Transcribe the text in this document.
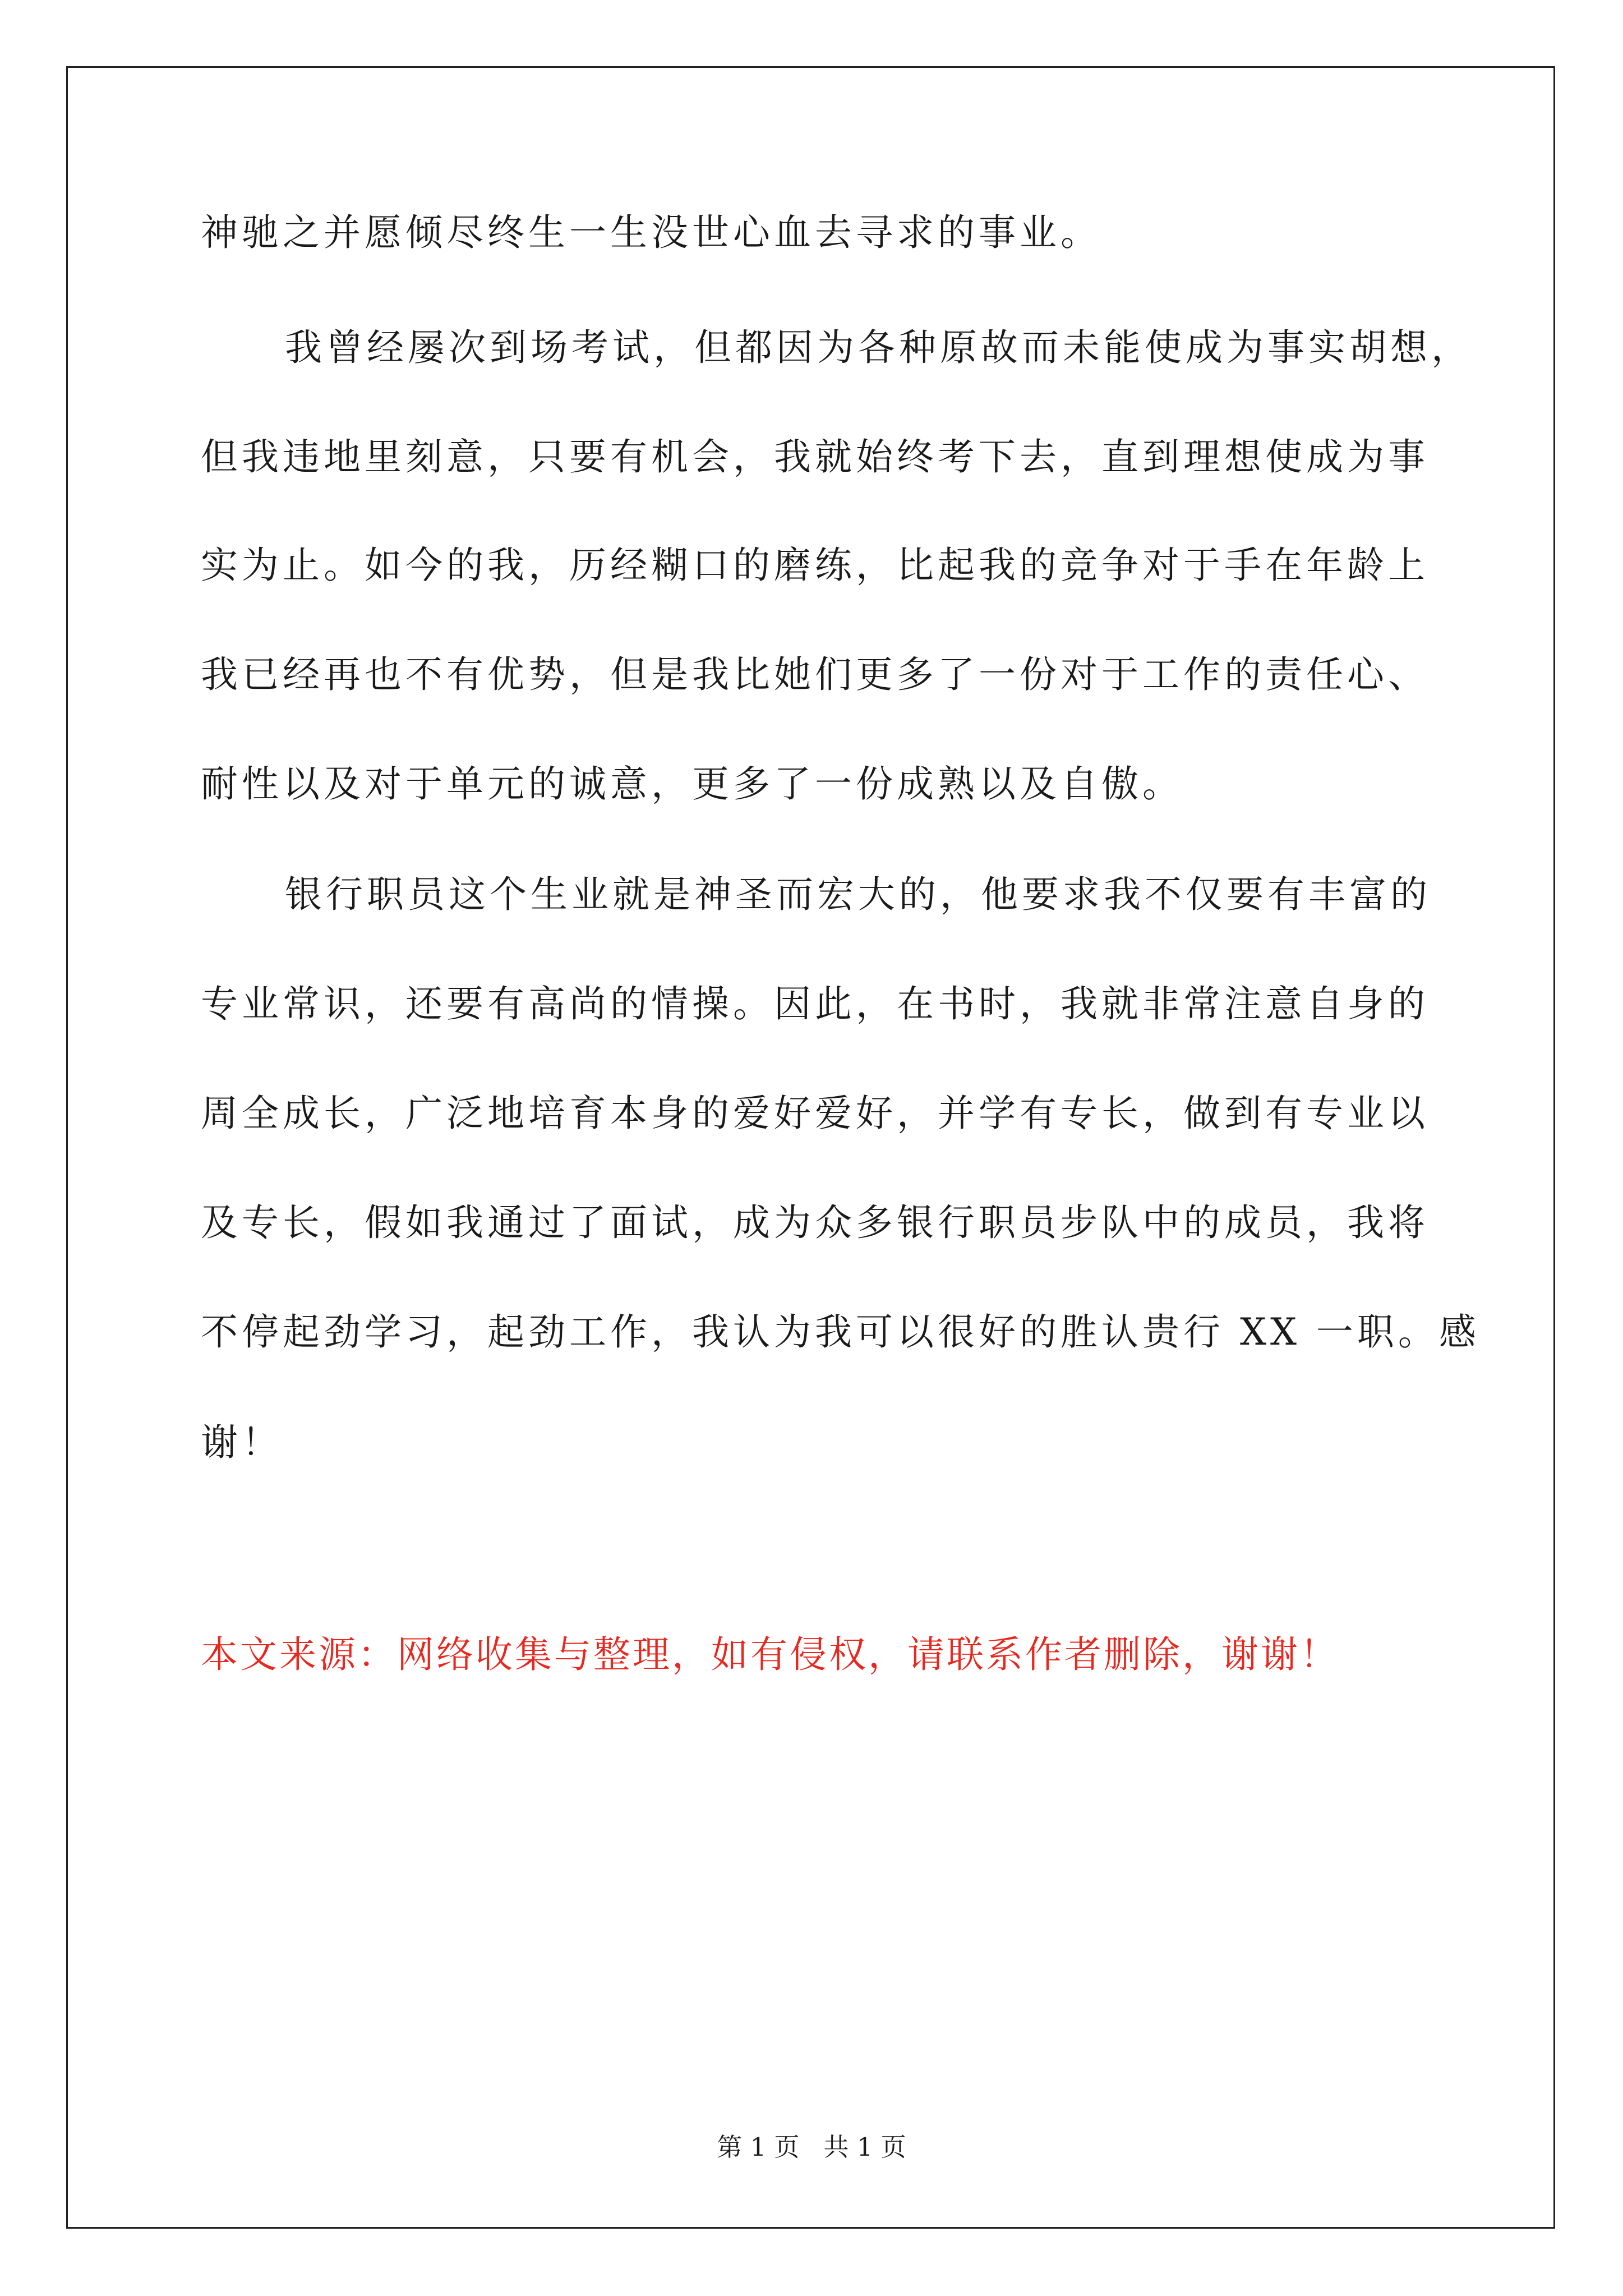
神驰之并愿倾尽终生一生没世心血去寻求的事业。
我曾经屡次到场考试，但都因为各种原故而未能使成为事实胡想，
但我违地里刻意，只要有机会，我就始终考下去，直到理想使成为事
实为止。如今的我，历经糊口的磨练，比起我的竞争对于手在年龄上
我已经再也不有优势，但是我比她们更多了一份对于工作的责任心、
耐性以及对于单元的诚意，更多了一份成熟以及自傲。
银行职员这个生业就是神圣而宏大的，他要求我不仅要有丰富的
专业常识，还要有高尚的情操。因此，在书时，我就非常注意自身的
周全成长，广泛地培育本身的爱好爱好，并学有专长，做到有专业以
及专长，假如我通过了面试，成为众多银行职员步队中的成员，我将
不停起劲学习，起劲工作，我认为我可以很好的胜认贵行 XX 一职。感
谢！
本文来源：网络收集与整理，如有侵权，请联系作者删除，谢谢！
第 1 页   共 1 页
